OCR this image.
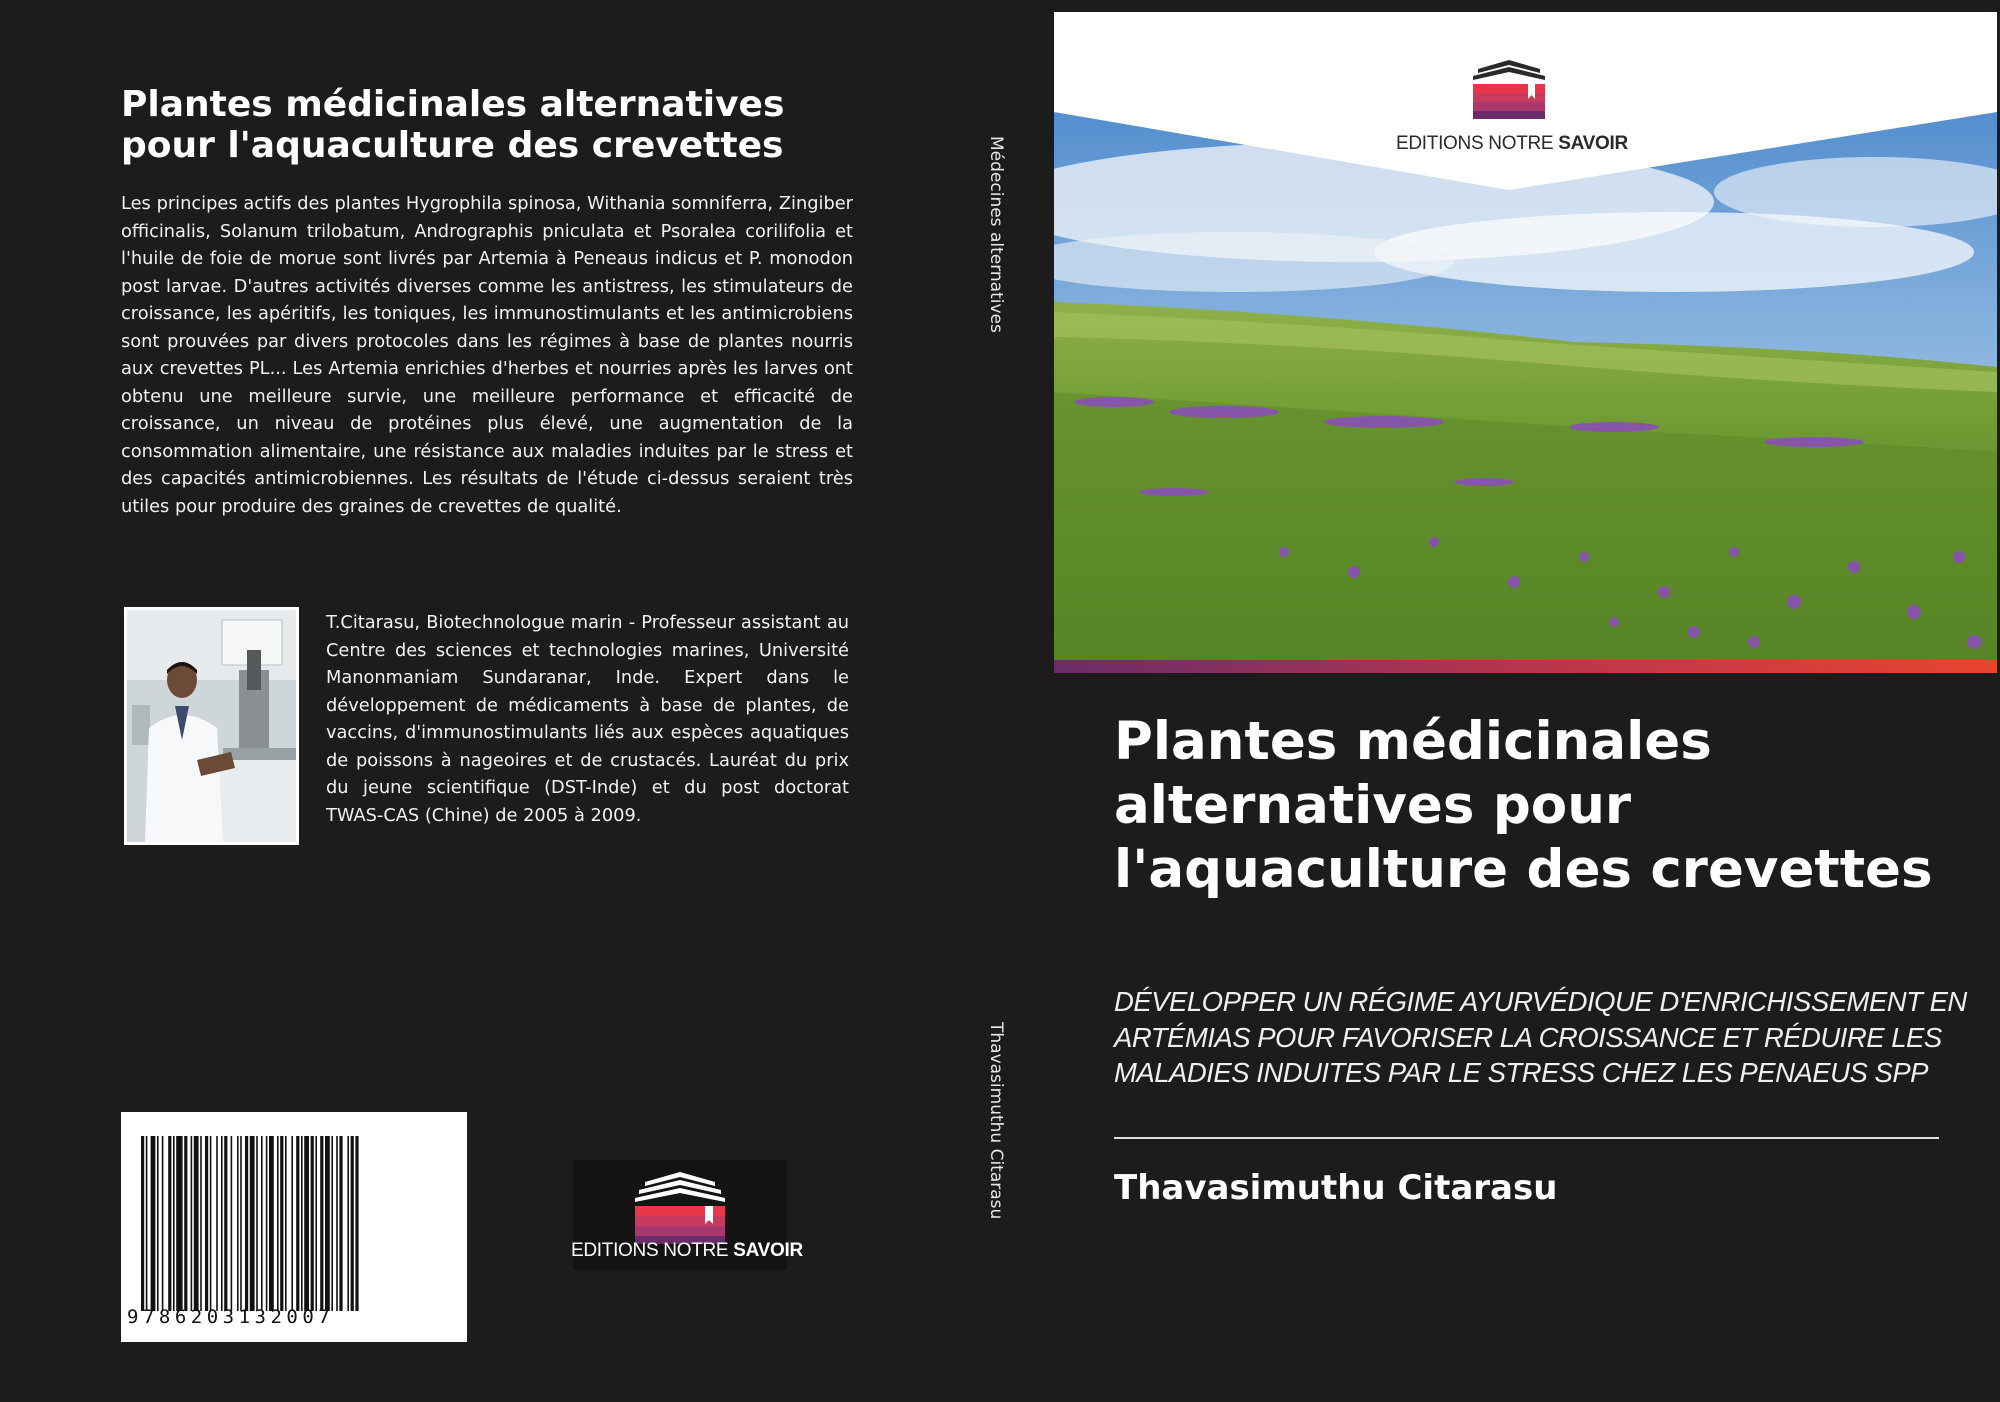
Plantes médicinales alternatives pour l'aquaculture des crevettes
Les principes actifs des plantes Hygrophila spinosa, Withania somniferra, Zingiber officinalis, Solanum trilobatum, Andrographis pniculata et Psoralea corilifolia et l'huile de foie de morue sont livrés par Artemia à Peneaus indicus et P. monodon post larvae. D'autres activités diverses comme les antistress, les stimulateurs de croissance, les apéritifs, les toniques, les immunostimulants et les antimicrobiens sont prouvées par divers protocoles dans les régimes à base de plantes nourris aux crevettes PL... Les Artemia enrichies d'herbes et nourries après les larves ont obtenu une meilleure survie, une meilleure performance et efficacité de croissance, un niveau de protéines plus élevé, une augmentation de la consommation alimentaire, une résistance aux maladies induites par le stress et des capacités antimicrobiennes. Les résultats de l'étude ci-dessus seraient très utiles pour produire des graines de crevettes de qualité.
T.Citarasu, Biotechnologue marin - Professeur assistant au Centre des sciences et technologies marines, Université Manonmaniam Sundaranar, Inde. Expert dans le développement de médicaments à base de plantes, de vaccins, d'immunostimulants liés aux espèces aquatiques de poissons à nageoires et de crustacés. Lauréat du prix du jeune scientifique (DST-Inde) et du post doctorat TWAS-CAS (Chine) de 2005 à 2009.
9786203132007
EDITIONS NOTRE SAVOIR
Médecines alternatives
Thavasimuthu Citarasu
EDITIONS NOTRE SAVOIR
Plantes médicinales alternatives pour l'aquaculture des crevettes
DÉVELOPPER UN RÉGIME AYURVÉDIQUE D'ENRICHISSEMENT EN ARTÉMIAS POUR FAVORISER LA CROISSANCE ET RÉDUIRE LES MALADIES INDUITES PAR LE STRESS CHEZ LES PENAEUS SPP
Thavasimuthu Citarasu
